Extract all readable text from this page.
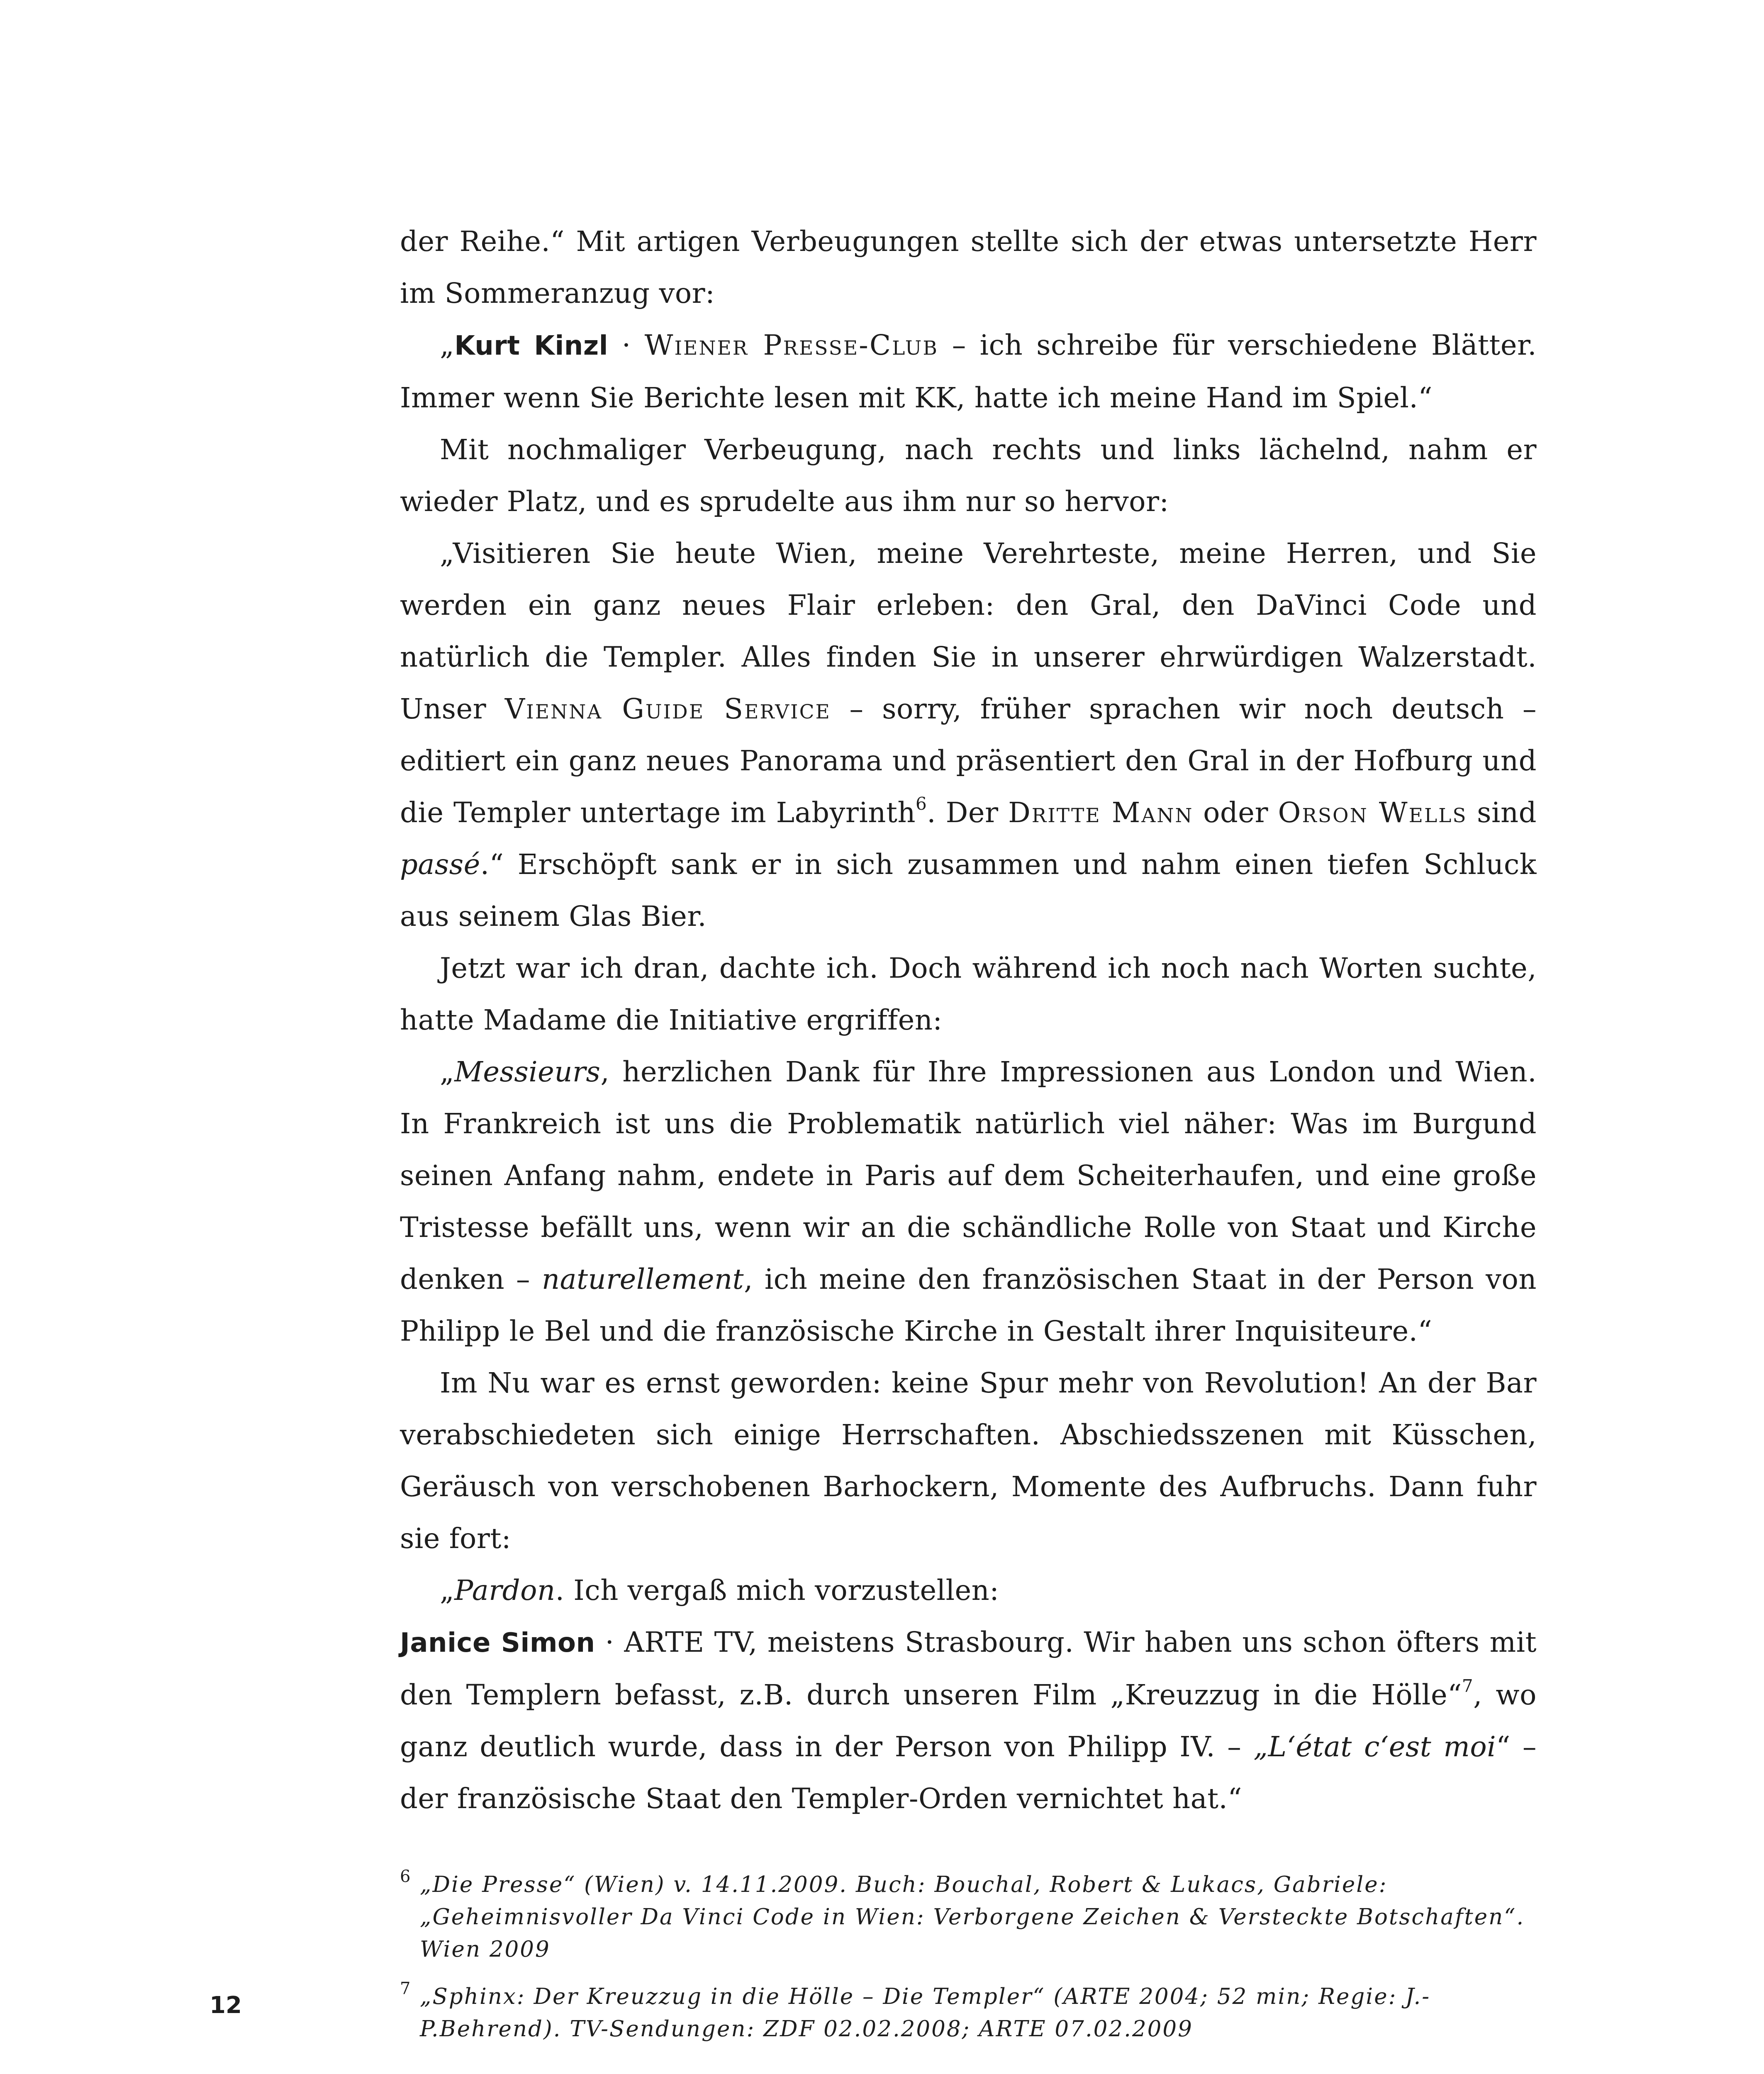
der Reihe.“ Mit artigen Verbeugungen stellte sich der etwas untersetzte Herr im Sommeranzug vor:

„Kurt Kinzl · Wiener Presse-Club – ich schreibe für verschiedene Blätter. Immer wenn Sie Berichte lesen mit KK, hatte ich meine Hand im Spiel.“

Mit nochmaliger Verbeugung, nach rechts und links lächelnd, nahm er wieder Platz, und es sprudelte aus ihm nur so hervor:

„Visitieren Sie heute Wien, meine Verehrteste, meine Herren, und Sie werden ein ganz neues Flair erleben: den Gral, den DaVinci Code und natürlich die Templer. Alles finden Sie in unserer ehrwürdigen Walzerstadt. Unser Vienna Guide Service – sorry, früher sprachen wir noch deutsch – editiert ein ganz neues Panorama und präsentiert den Gral in der Hofburg und die Templer untertage im Labyrinth$^6$. Der Dritte Mann oder Orson Wells sind passé.“ Erschöpft sank er in sich zusammen und nahm einen tiefen Schluck aus seinem Glas Bier.

Jetzt war ich dran, dachte ich. Doch während ich noch nach Worten suchte, hatte Madame die Initiative ergriffen:

„Messieurs, herzlichen Dank für Ihre Impressionen aus London und Wien. In Frankreich ist uns die Problematik natürlich viel näher: Was im Burgund seinen Anfang nahm, endete in Paris auf dem Scheiterhaufen, und eine große Tristesse befällt uns, wenn wir an die schändliche Rolle von Staat und Kirche denken – naturellement, ich meine den französischen Staat in der Person von Philipp le Bel und die französische Kirche in Gestalt ihrer Inquisiteure.“

Im Nu war es ernst geworden: keine Spur mehr von Revolution! An der Bar verabschiedeten sich einige Herrschaften. Abschiedsszenen mit Küsschen, Geräusch von verschobenen Barhockern, Momente des Aufbruchs. Dann fuhr sie fort:

„Pardon. Ich vergaß mich vorzustellen:

Janice Simon · ARTE TV, meistens Strasbourg. Wir haben uns schon öfters mit den Templern befasst, z.B. durch unseren Film „Kreuzzug in die Hölle“$^7$, wo ganz deutlich wurde, dass in der Person von Philipp IV. – „L‘état c‘est moi“ – der französische Staat den Templer-Orden vernichtet hat.“

6 „Die Presse“ (Wien) v. 14.11.2009. Buch: Bouchal, Robert & Lukacs, Gabriele: „Geheimnisvoller Da Vinci Code in Wien: Verborgene Zeichen & Versteckte Botschaften“. Wien 2009

7 „Sphinx: Der Kreuzzug in die Hölle – Die Templer“ (ARTE 2004; 52 min; Regie: J.-P.Behrend). TV-Sendungen: ZDF 02.02.2008; ARTE 07.02.2009

12
